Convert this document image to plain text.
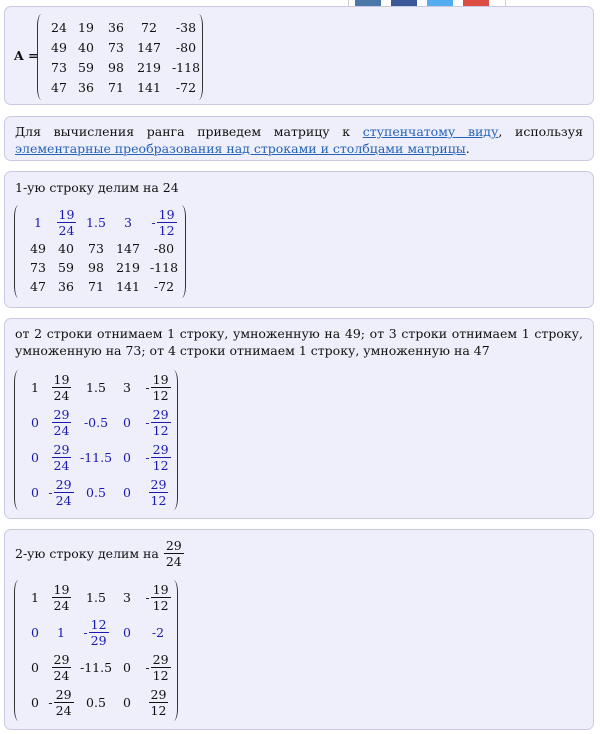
A =
24 19	36	72	-38
49 40	73	147	-80
73 59	98	219 -118
47 36	71	141	-72
Для вычисления ранга приведем матрицу к ступенчатому виду, используя элементарные преобразования над строками и столбцами матрицы.
1-ую строку делим на 24
1	$\frac{19}{24} 1.5$	3	- $\frac{19}{12}$
49 40	73 147	-80
73 59	98 219 -118
47 36	71 141	-72
от 2 строки отнимаем 1 строку, умноженную на 49; от 3 строки отнимаем 1 строку, умноженную на 73; от 4 строки отнимаем 1 строку, умноженную на 47
1	$\frac{19}{24}$	1.5	3	- $\frac{19}{12}$
0	$\frac{29}{24} -0.5$	0	- $\frac{29}{12}$
0	$\frac{29}{24} -11.5$ 0	- $\frac{29}{12}$
$0 - \frac{29}{24} 0.5$	0	$\frac{29}{12}$
2-ую строку делим на $\frac{29}{24}$
1	$\frac{19}{24}$	1.5	3	- $\frac{19}{12}$
0	1	- $\frac{12}{29}$	0	-2
0	$\frac{29}{24} -11.5$ 0	- $\frac{29}{12}$
$0 - \frac{29}{24} 0.5$	0	$\frac{29}{12}$
